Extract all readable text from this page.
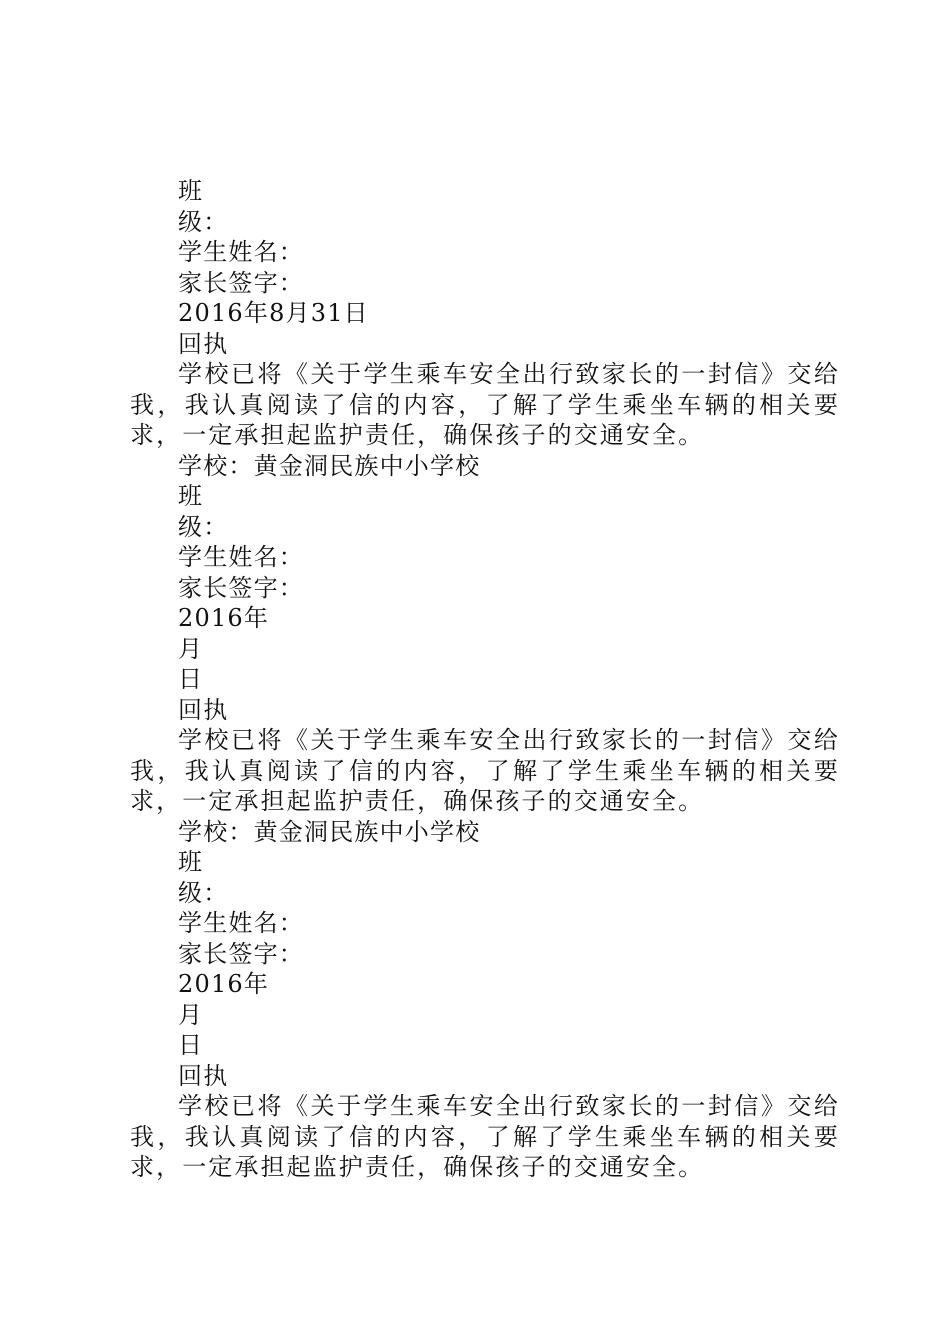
班
级：
学生姓名：
家长签字：
2016年8月31日
回执
学校已将《关于学生乘车安全出行致家长的一封信》交给我，我认真阅读了信的内容，了解了学生乘坐车辆的相关要求，一定承担起监护责任，确保孩子的交通安全。
学校：黄金洞民族中小学校
班
级：
学生姓名：
家长签字：
2016年
月
日
回执
学校已将《关于学生乘车安全出行致家长的一封信》交给我，我认真阅读了信的内容，了解了学生乘坐车辆的相关要求，一定承担起监护责任，确保孩子的交通安全。
学校：黄金洞民族中小学校
班
级：
学生姓名：
家长签字：
2016年
月
日
回执
学校已将《关于学生乘车安全出行致家长的一封信》交给我，我认真阅读了信的内容，了解了学生乘坐车辆的相关要求，一定承担起监护责任，确保孩子的交通安全。
